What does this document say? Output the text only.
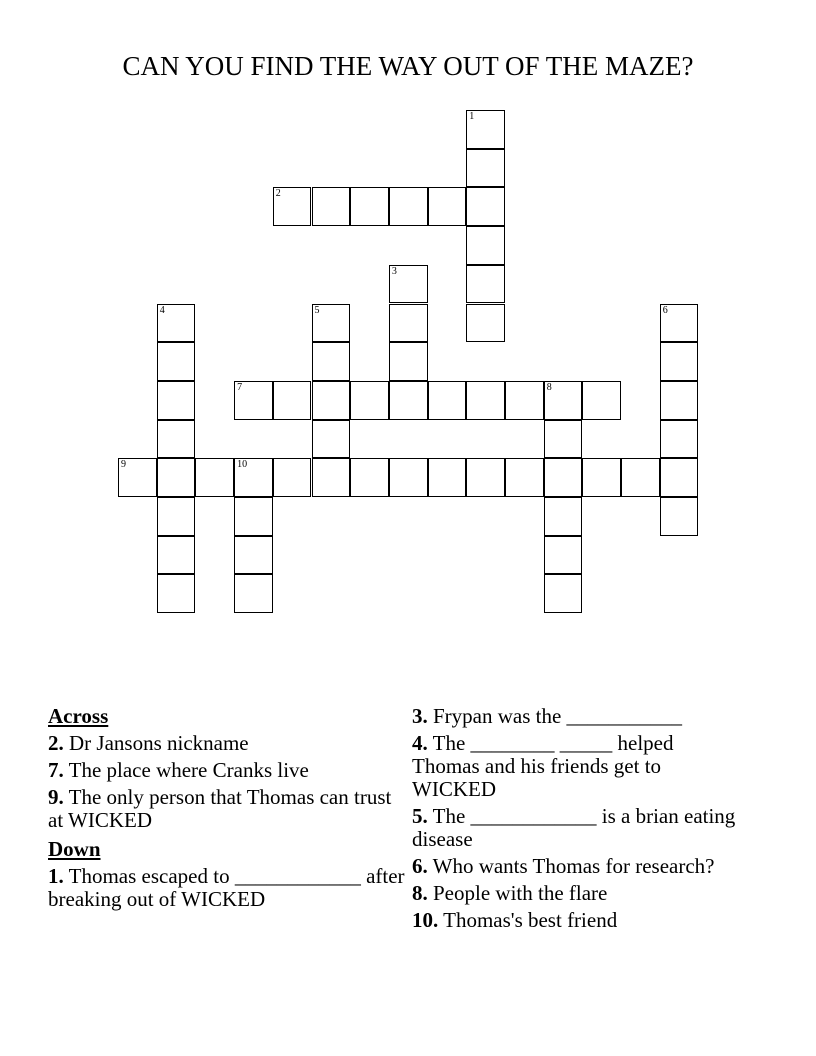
CAN YOU FIND THE WAY OUT OF THE MAZE?
1
2
3
4	5	6
7	8
9	10
Across
2. Dr Jansons nickname
7. The place where Cranks live
9. The only person that Thomas can trust at WICKED
Down
1. Thomas escaped to ____________ after breaking out of WICKED
3. Frypan was the ___________
4. The ________ _____ helped Thomas and his friends get to WICKED
5. The ____________ is a brian eating disease
6. Who wants Thomas for research?
8. People with the flare
10. Thomas's best friend
